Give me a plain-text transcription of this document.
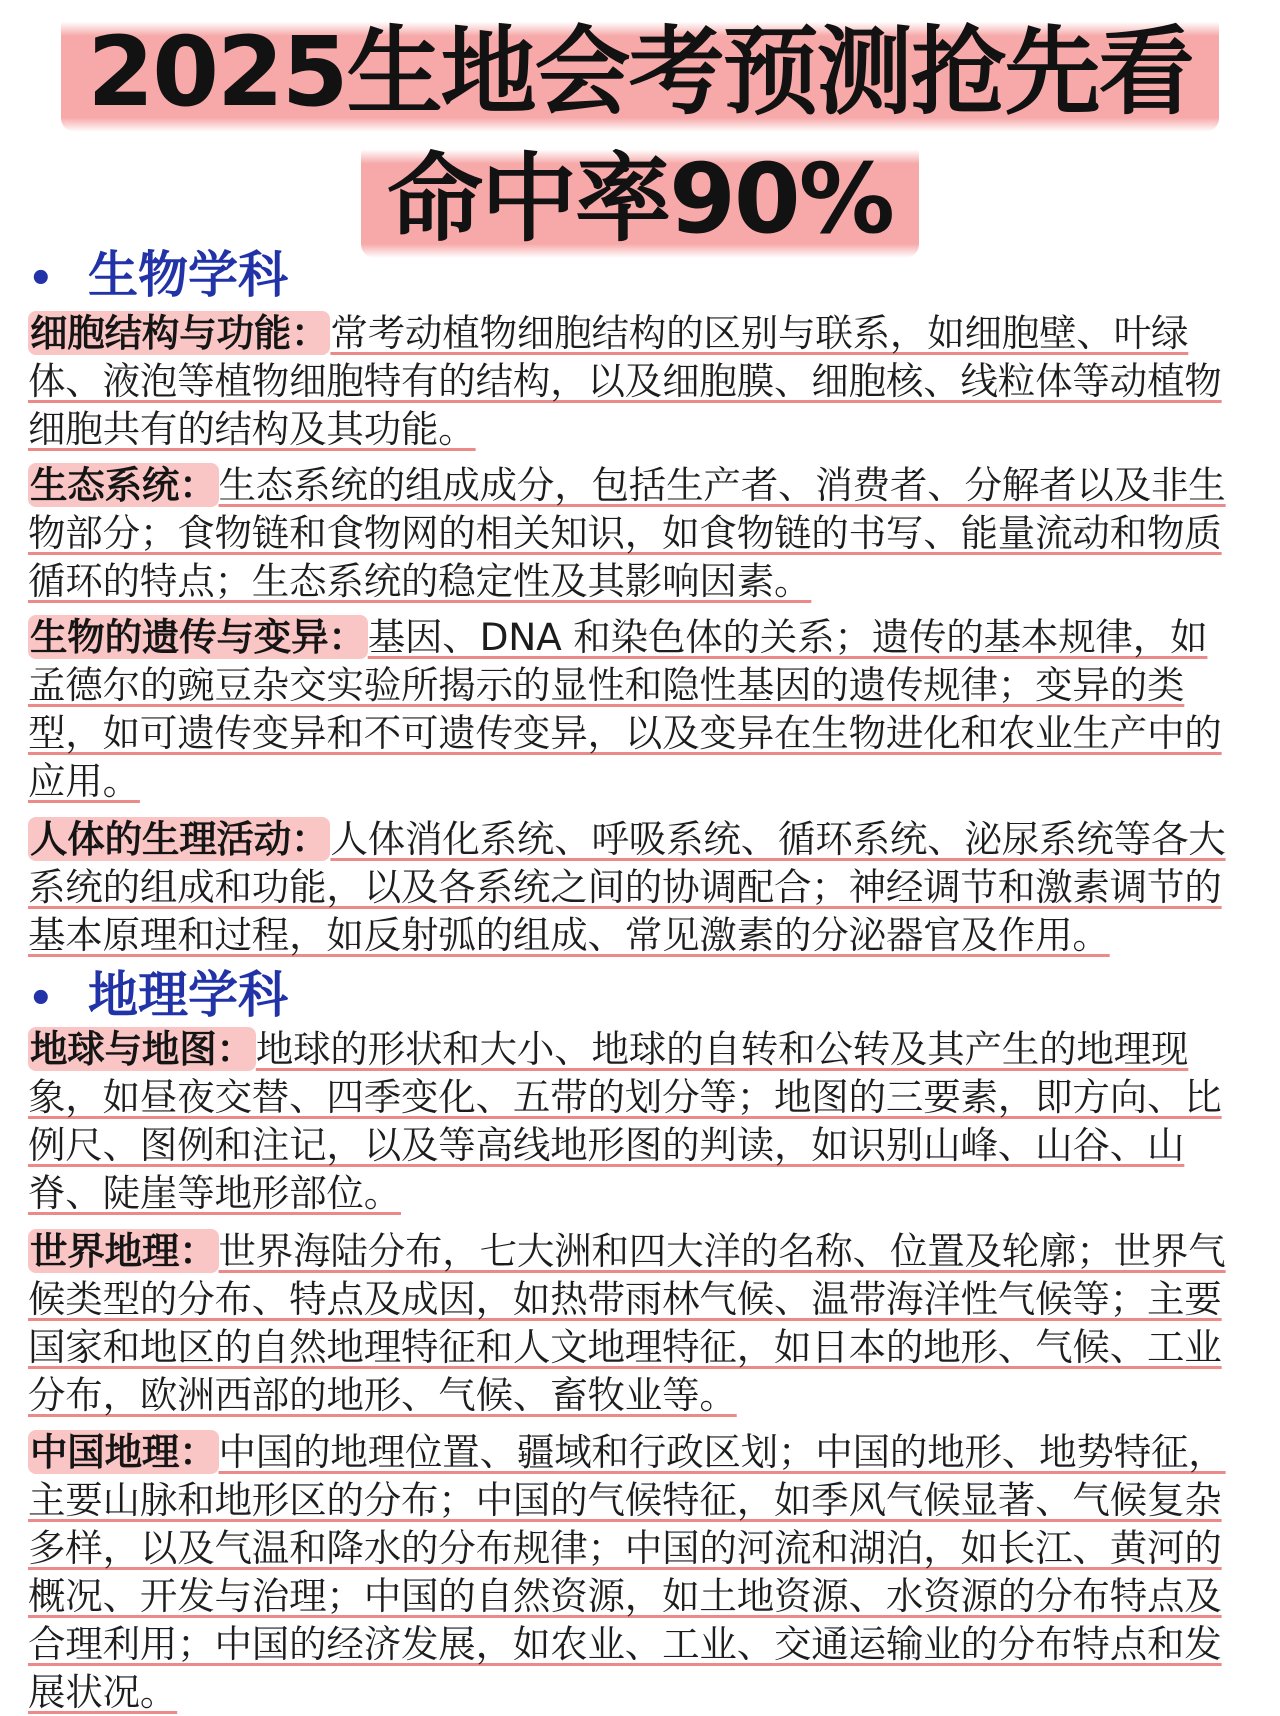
2025生地会考预测抢先看
命中率90%
• 生物学科
细胞结构与功能：常考动植物细胞结构的区别与联系，如细胞壁、叶绿体、液泡等植物细胞特有的结构，以及细胞膜、细胞核、线粒体等动植物细胞共有的结构及其功能。
生态系统：生态系统的组成成分，包括生产者、消费者、分解者以及非生物部分；食物链和食物网的相关知识，如食物链的书写、能量流动和物质循环的特点；生态系统的稳定性及其影响因素。
生物的遗传与变异：基因、DNA 和染色体的关系；遗传的基本规律，如孟德尔的豌豆杂交实验所揭示的显性和隐性基因的遗传规律；变异的类型，如可遗传变异和不可遗传变异，以及变异在生物进化和农业生产中的应用。
人体的生理活动：人体消化系统、呼吸系统、循环系统、泌尿系统等各大系统的组成和功能，以及各系统之间的协调配合；神经调节和激素调节的基本原理和过程，如反射弧的组成、常见激素的分泌器官及作用。
• 地理学科
地球与地图：地球的形状和大小、地球的自转和公转及其产生的地理现象，如昼夜交替、四季变化、五带的划分等；地图的三要素，即方向、比例尺、图例和注记，以及等高线地形图的判读，如识别山峰、山谷、山脊、陡崖等地形部位。
世界地理：世界海陆分布，七大洲和四大洋的名称、位置及轮廓；世界气候类型的分布、特点及成因，如热带雨林气候、温带海洋性气候等；主要国家和地区的自然地理特征和人文地理特征，如日本的地形、气候、工业分布，欧洲西部的地形、气候、畜牧业等。
中国地理：中国的地理位置、疆域和行政区划；中国的地形、地势特征，主要山脉和地形区的分布；中国的气候特征，如季风气候显著、气候复杂多样，以及气温和降水的分布规律；中国的河流和湖泊，如长江、黄河的概况、开发与治理；中国的自然资源，如土地资源、水资源的分布特点及合理利用；中国的经济发展，如农业、工业、交通运输业的分布特点和发展状况。
